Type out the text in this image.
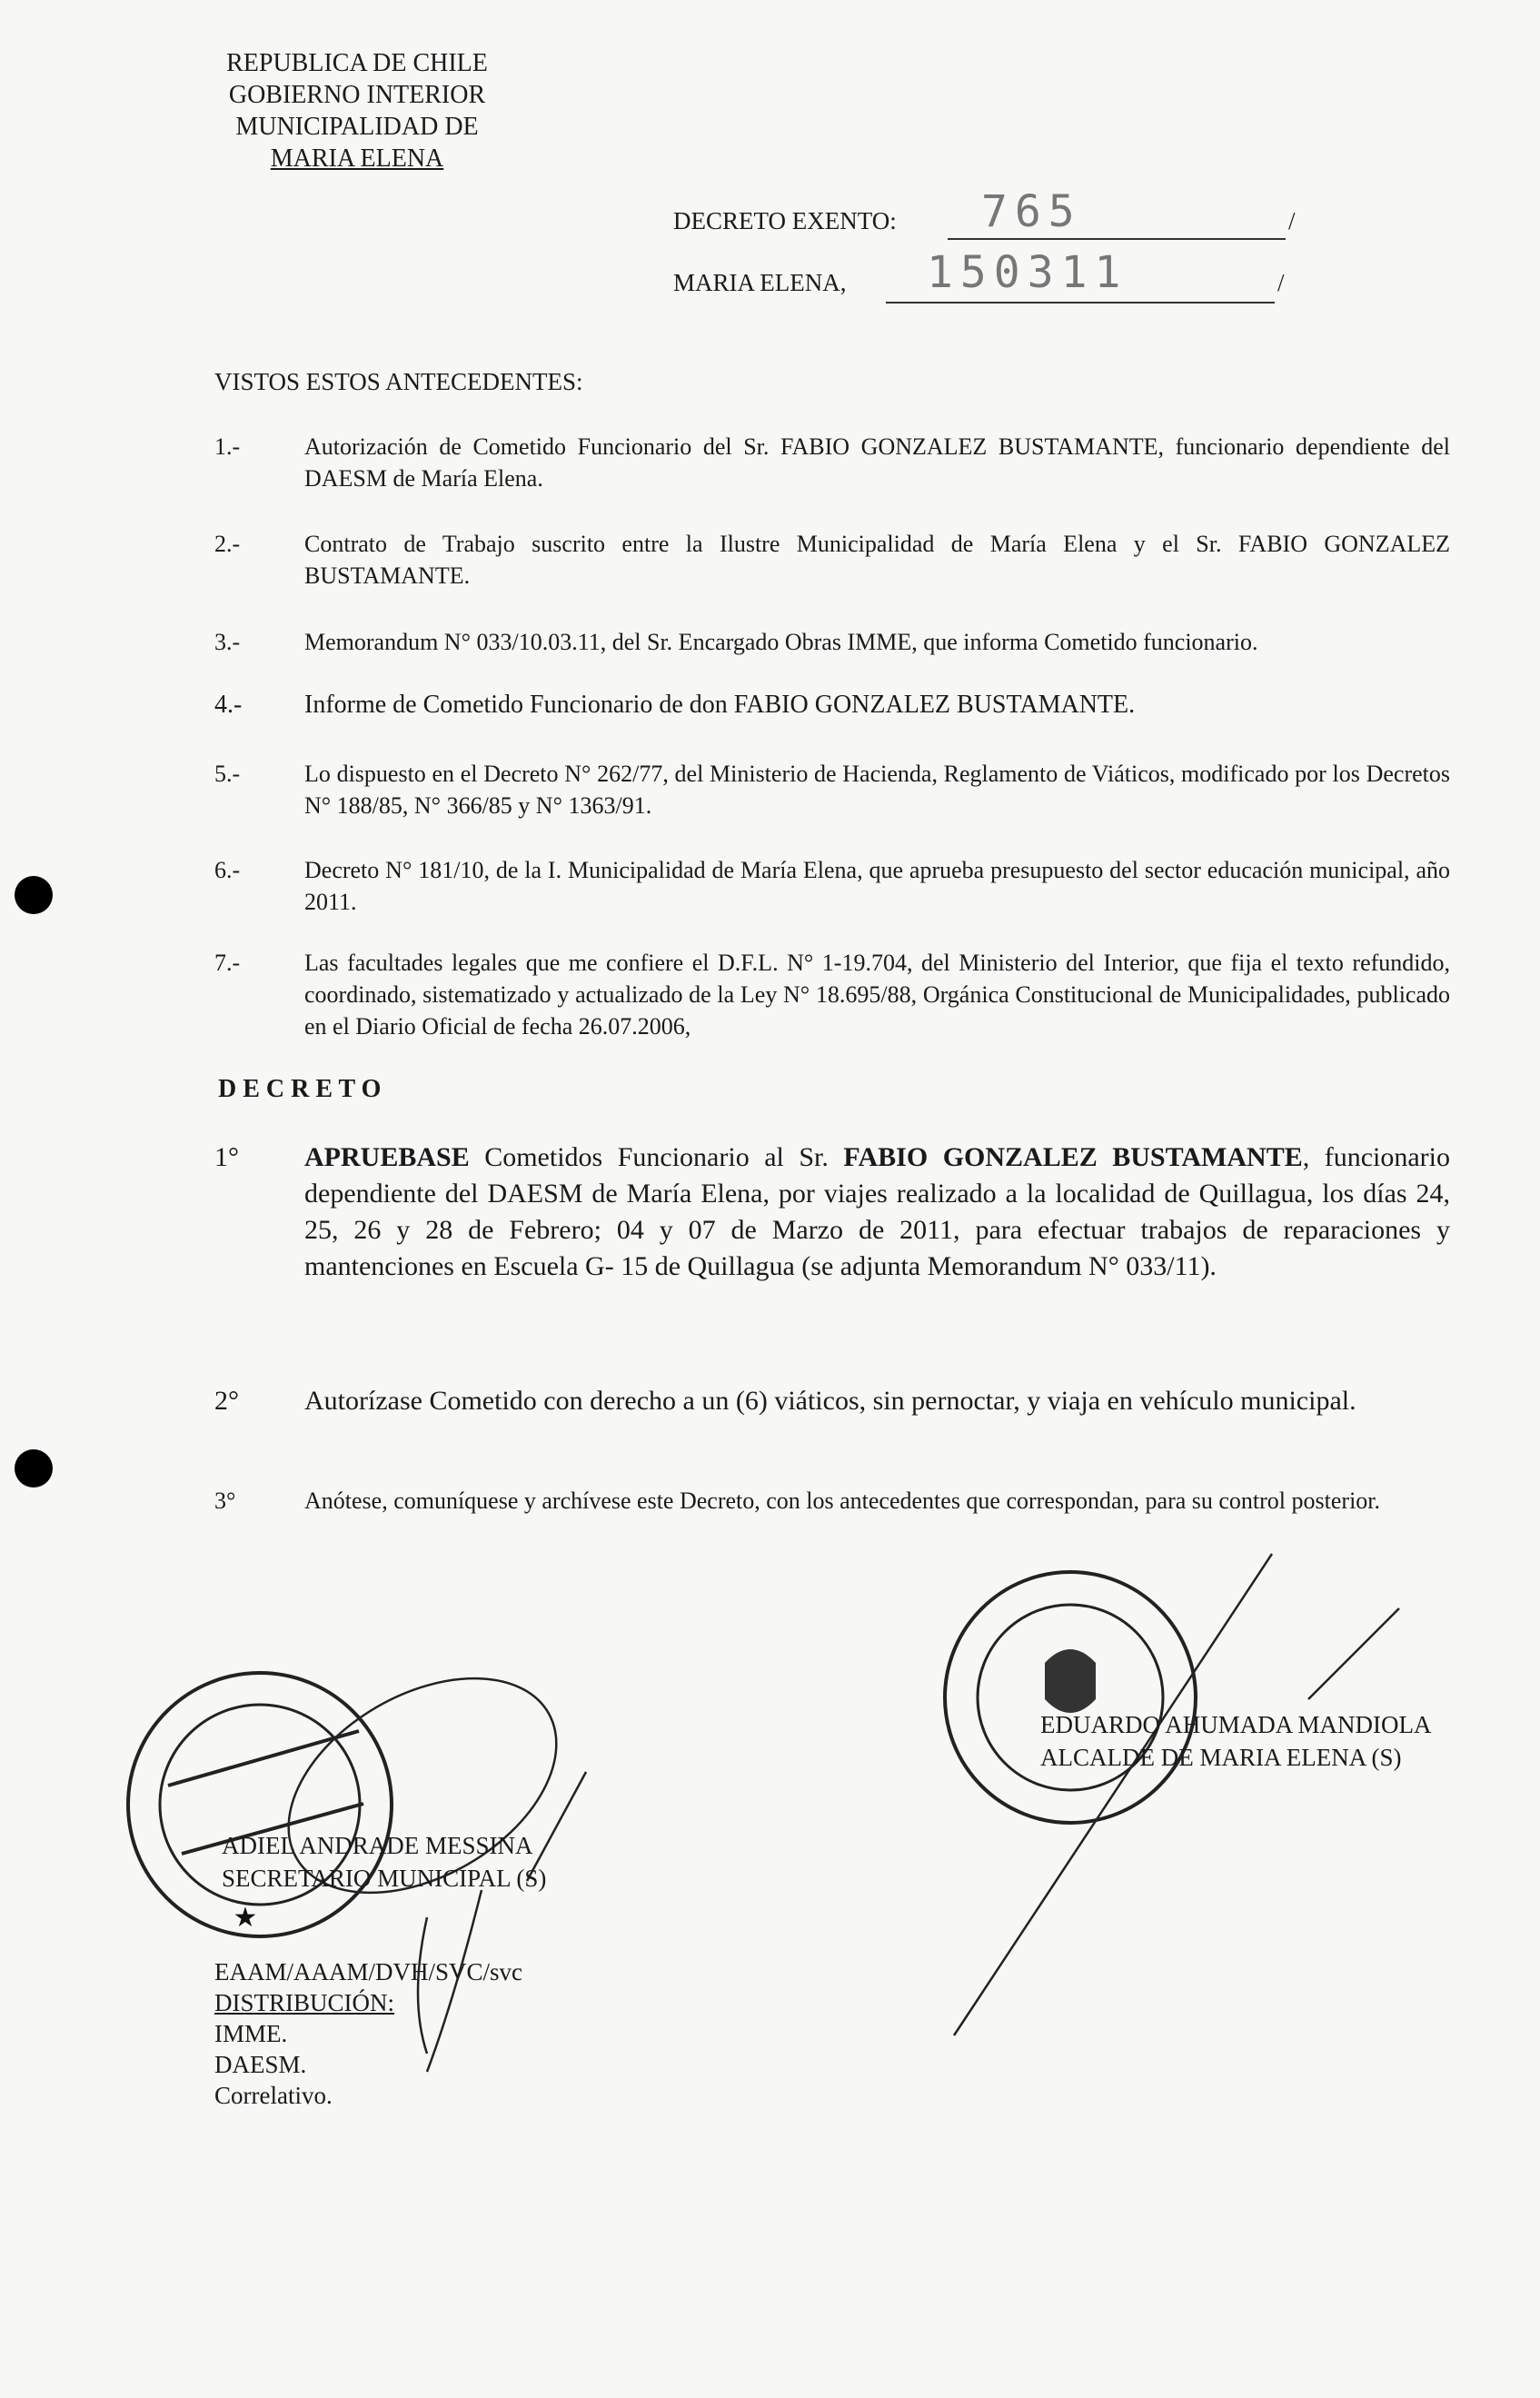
REPUBLICA DE CHILE
GOBIERNO INTERIOR
MUNICIPALIDAD DE
MARIA ELENA
DECRETO EXENTO: 765	/
MARIA ELENA, 150311	/
VISTOS ESTOS ANTECEDENTES:
1.-	Autorización de Cometido Funcionario del Sr. FABIO GONZALEZ BUSTAMANTE, funcionario dependiente del DAESM de María Elena.
2.-	Contrato de Trabajo suscrito entre la Ilustre Municipalidad de María Elena y el Sr. FABIO GONZALEZ BUSTAMANTE.
3.-	Memorandum N° 033/10.03.11, del Sr. Encargado Obras IMME, que informa Cometido funcionario.
4.-	Informe de Cometido Funcionario de don FABIO GONZALEZ BUSTAMANTE.
5.-	Lo dispuesto en el Decreto N° 262/77, del Ministerio de Hacienda, Reglamento de Viáticos, modificado por los Decretos N° 188/85, N° 366/85 y N° 1363/91.
6.-	Decreto N° 181/10, de la I. Municipalidad de María Elena, que aprueba presupuesto del sector educación municipal, año 2011.
7.-	Las facultades legales que me confiere el D.F.L. N° 1-19.704, del Ministerio del Interior, que fija el texto refundido, coordinado, sistematizado y actualizado de la Ley N° 18.695/88, Orgánica Constitucional de Municipalidades, publicado en el Diario Oficial de fecha 26.07.2006,
D E C R E T O
1°	APRUEBASE Cometidos Funcionario al Sr. FABIO GONZALEZ BUSTAMANTE, funcionario dependiente del DAESM de María Elena, por viajes realizado a la localidad de Quillagua, los días 24, 25, 26 y 28 de Febrero; 04 y 07 de Marzo de 2011, para efectuar trabajos de reparaciones y mantenciones en Escuela G- 15 de Quillagua (se adjunta Memorandum N° 033/11).
2°	Autorízase Cometido con derecho a un (6) viáticos, sin pernoctar, y viaja en vehículo municipal.
3°	Anótese, comuníquese y archívese este Decreto, con los antecedentes que correspondan, para su control posterior.
★
EDUARDO AHUMADA MANDIOLA
ALCALDE DE MARIA ELENA (S)
ADIEL ANDRADE MESSINA
SECRETARIO MUNICIPAL (S)
EAAM/AAAM/DVH/SVC/svc
DISTRIBUCIÓN:
IMME.
DAESM.
Correlativo.
